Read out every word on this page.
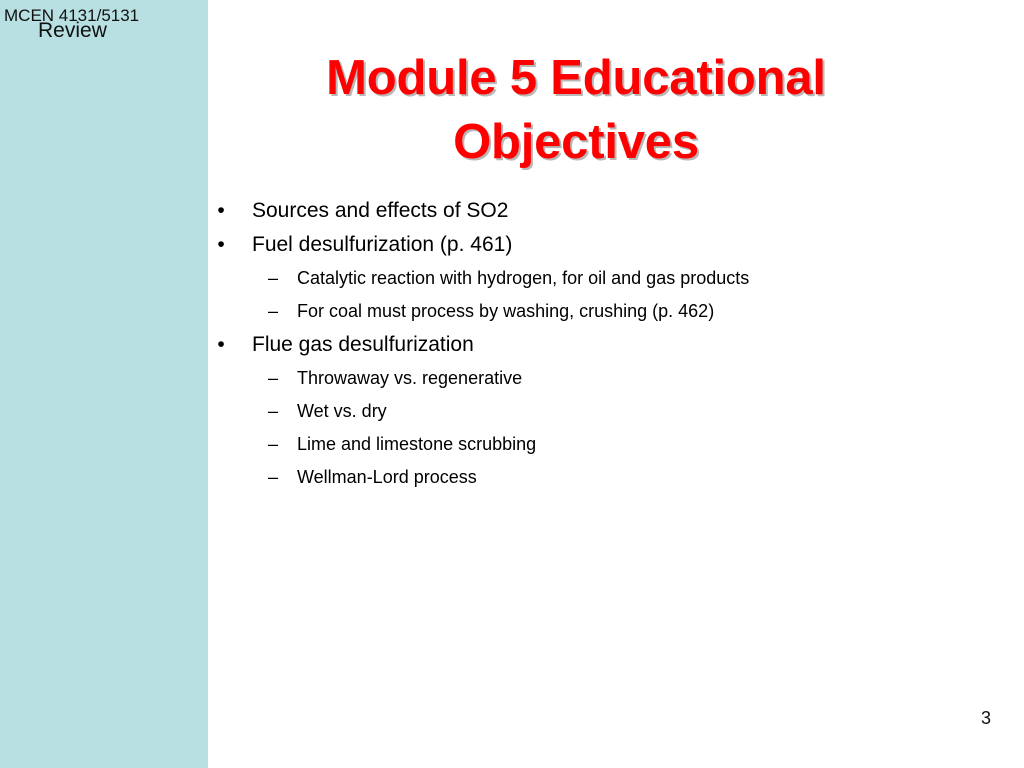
MCEN 4131/5131
Review
Module 5 Educational
Objectives
• Sources and effects of SO2
• Fuel desulfurization (p. 461)
– Catalytic reaction with hydrogen, for oil and gas products
– For coal must process by washing, crushing (p. 462)
• Flue gas desulfurization
– Throwaway vs. regenerative
– Wet vs. dry
– Lime and limestone scrubbing
– Wellman-Lord process
3
